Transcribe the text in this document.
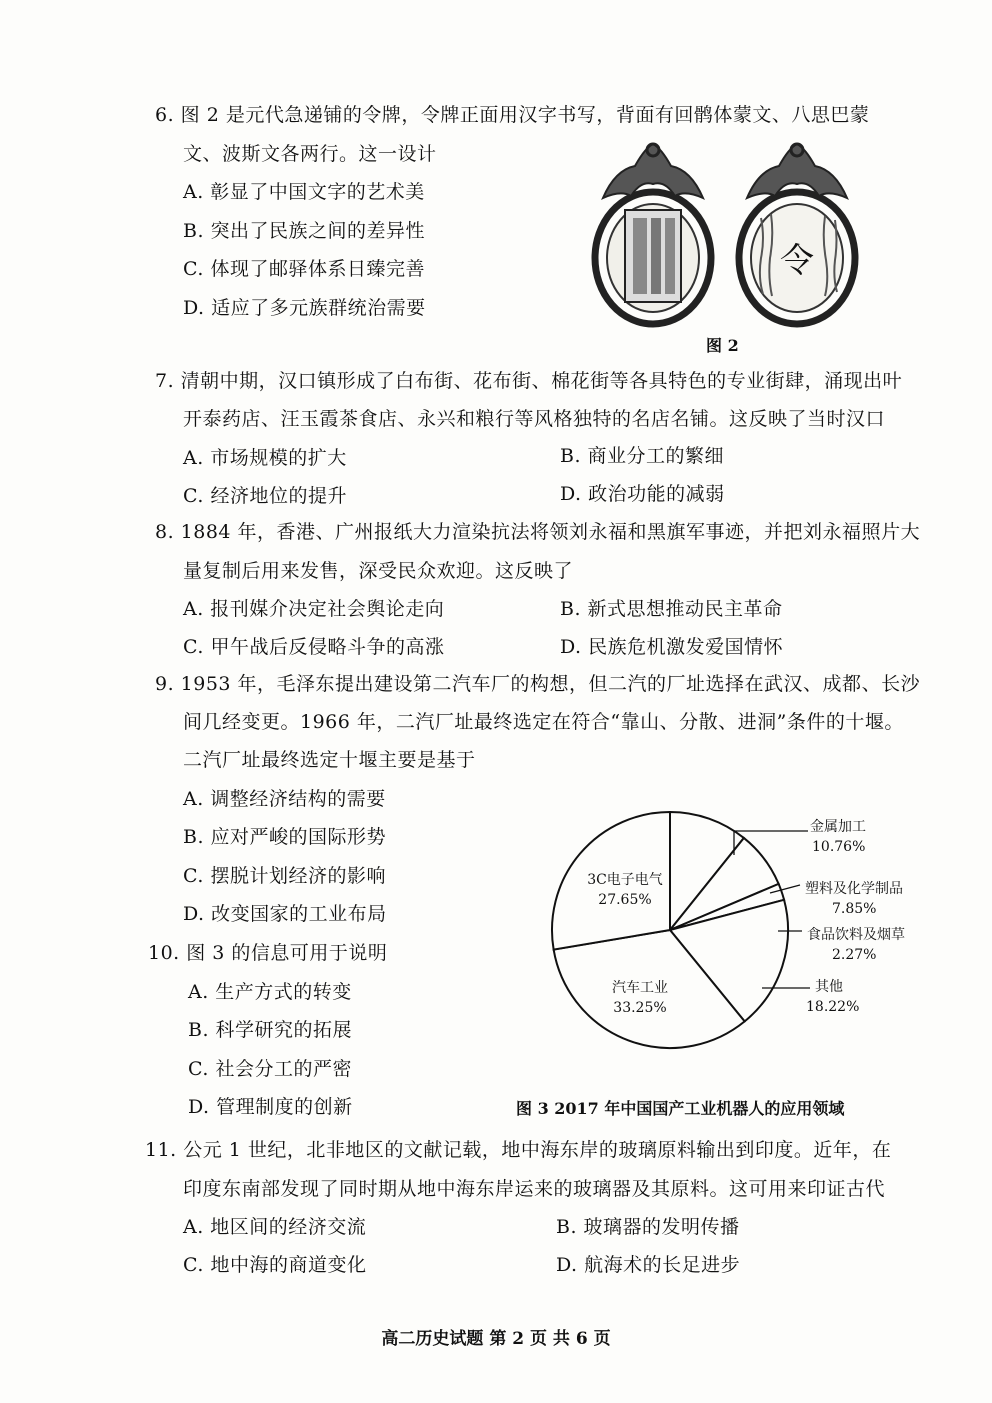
6. 图 2 是元代急递铺的令牌，令牌正面用汉字书写，背面有回鹘体蒙文、八思巴蒙
文、波斯文各两行。这一设计
A. 彰显了中国文字的艺术美
B. 突出了民族之间的差异性
C. 体现了邮驿体系日臻完善
D. 适应了多元族群统治需要
令
图 2
7. 清朝中期，汉口镇形成了白布街、花布街、棉花街等各具特色的专业街肆，涌现出叶
开泰药店、汪玉霞茶食店、永兴和粮行等风格独特的名店名铺。这反映了当时汉口
A. 市场规模的扩大	B. 商业分工的繁细
C. 经济地位的提升	D. 政治功能的减弱
8. 1884 年，香港、广州报纸大力渲染抗法将领刘永福和黑旗军事迹，并把刘永福照片大
量复制后用来发售，深受民众欢迎。这反映了
A. 报刊媒介决定社会舆论走向	B. 新式思想推动民主革命
C. 甲午战后反侵略斗争的高涨	D. 民族危机激发爱国情怀
9. 1953 年，毛泽东提出建设第二汽车厂的构想，但二汽的厂址选择在武汉、成都、长沙
间几经变更。1966 年，二汽厂址最终选定在符合“靠山、分散、进洞”条件的十堰。
二汽厂址最终选定十堰主要是基于
A. 调整经济结构的需要
B. 应对严峻的国际形势
C. 摆脱计划经济的影响
D. 改变国家的工业布局
10. 图 3 的信息可用于说明
A. 生产方式的转变
B. 科学研究的拓展
C. 社会分工的严密
D. 管理制度的创新
3C电子电气
27.65%
汽车工业
33.25%
金属加工
10.76%
塑料及化学制品
7.85%
食品饮料及烟草
2.27%
其他
18.22%
图 3 2017 年中国国产工业机器人的应用领域
11. 公元 1 世纪，北非地区的文献记载，地中海东岸的玻璃原料输出到印度。近年，在
印度东南部发现了同时期从地中海东岸运来的玻璃器及其原料。这可用来印证古代
A. 地区间的经济交流	B. 玻璃器的发明传播
C. 地中海的商道变化	D. 航海术的长足进步
高二历史试题 第 2 页 共 6 页
